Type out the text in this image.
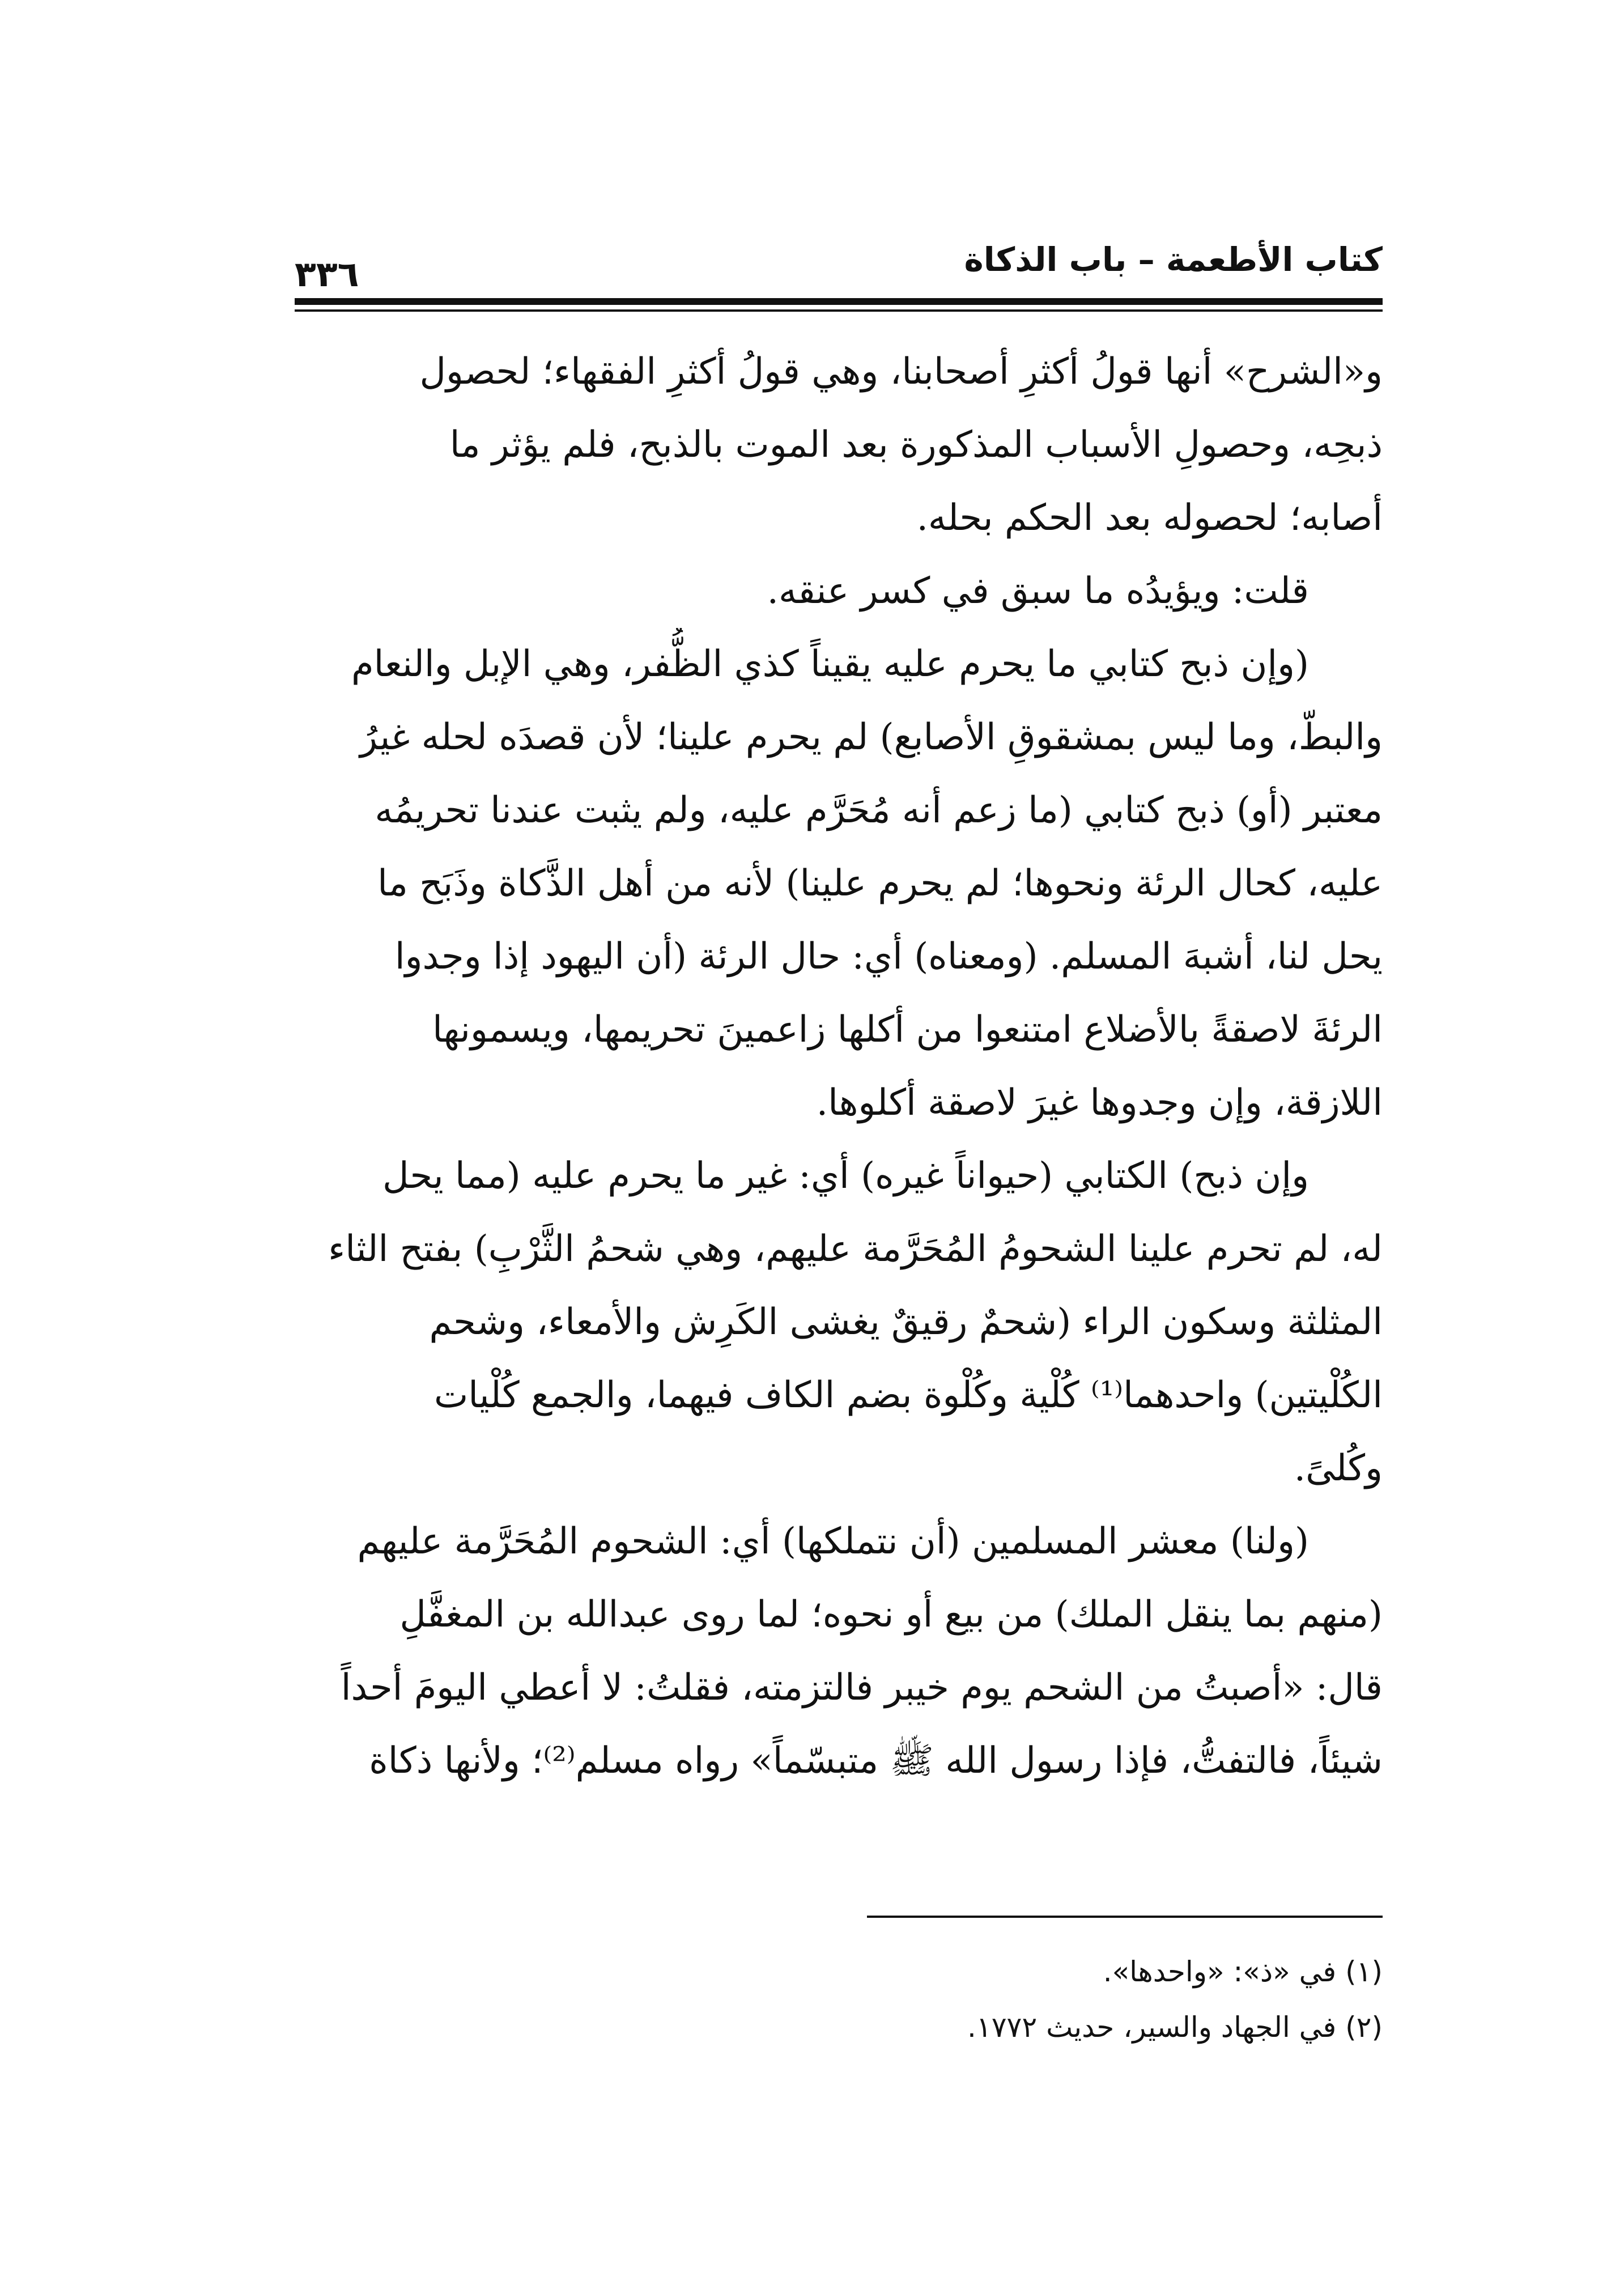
كتاب الأطعمة – باب الذكاة
٣٣٦
و«الشرح» أنها قولُ أكثرِ أصحابنا، وهي قولُ أكثرِ الفقهاء؛ لحصول
ذبحِه، وحصولِ الأسباب المذكورة بعد الموت بالذبح، فلم يؤثر ما
أصابه؛ لحصوله بعد الحكم بحله.
قلت: ويؤيدُه ما سبق في كسر عنقه.
(وإن ذبح كتابي ما يحرم عليه يقيناً كذي الظُّفر، وهي الإبل والنعام
والبطّ، وما ليس بمشقوقِ الأصابع) لم يحرم علينا؛ لأن قصدَه لحله غيرُ
معتبر (أو) ذبح كتابي (ما زعم أنه مُحَرَّم عليه، ولم يثبت عندنا تحريمُه
عليه، كحال الرئة ونحوها؛ لم يحرم علينا) لأنه من أهل الذَّكاة وذَبَح ما
يحل لنا، أشبهَ المسلم. (ومعناه) أي: حال الرئة (أن اليهود إذا وجدوا
الرئةَ لاصقةً بالأضلاع امتنعوا من أكلها زاعمينَ تحريمها، ويسمونها
اللازقة، وإن وجدوها غيرَ لاصقة أكلوها.
وإن ذبح) الكتابي (حيواناً غيره) أي: غير ما يحرم عليه (مما يحل
له، لم تحرم علينا الشحومُ المُحَرَّمة عليهم، وهي شحمُ الثَّرْبِ) بفتح الثاء
المثلثة وسكون الراء (شحمٌ رقيقٌ يغشى الكَرِش والأمعاء، وشحم
الكُلْيتين) واحدهما⁽¹⁾ كُلْية وكُلْوة بضم الكاف فيهما، والجمع كُلْيات
وكُلىً.
(ولنا) معشر المسلمين (أن نتملكها) أي: الشحوم المُحَرَّمة عليهم
(منهم بما ينقل الملك) من بيع أو نحوه؛ لما روى عبدالله بن المغفَّلِ
قال: «أصبتُ من الشحم يوم خيبر فالتزمته، فقلتُ: لا أعطي اليومَ أحداً
شيئاً، فالتفتُّ، فإذا رسول الله ﷺ متبسّماً» رواه مسلم⁽²⁾؛ ولأنها ذكاة
(١) في «ذ»: «واحدها».
(٢) في الجهاد والسير، حديث ١٧٧٢.
